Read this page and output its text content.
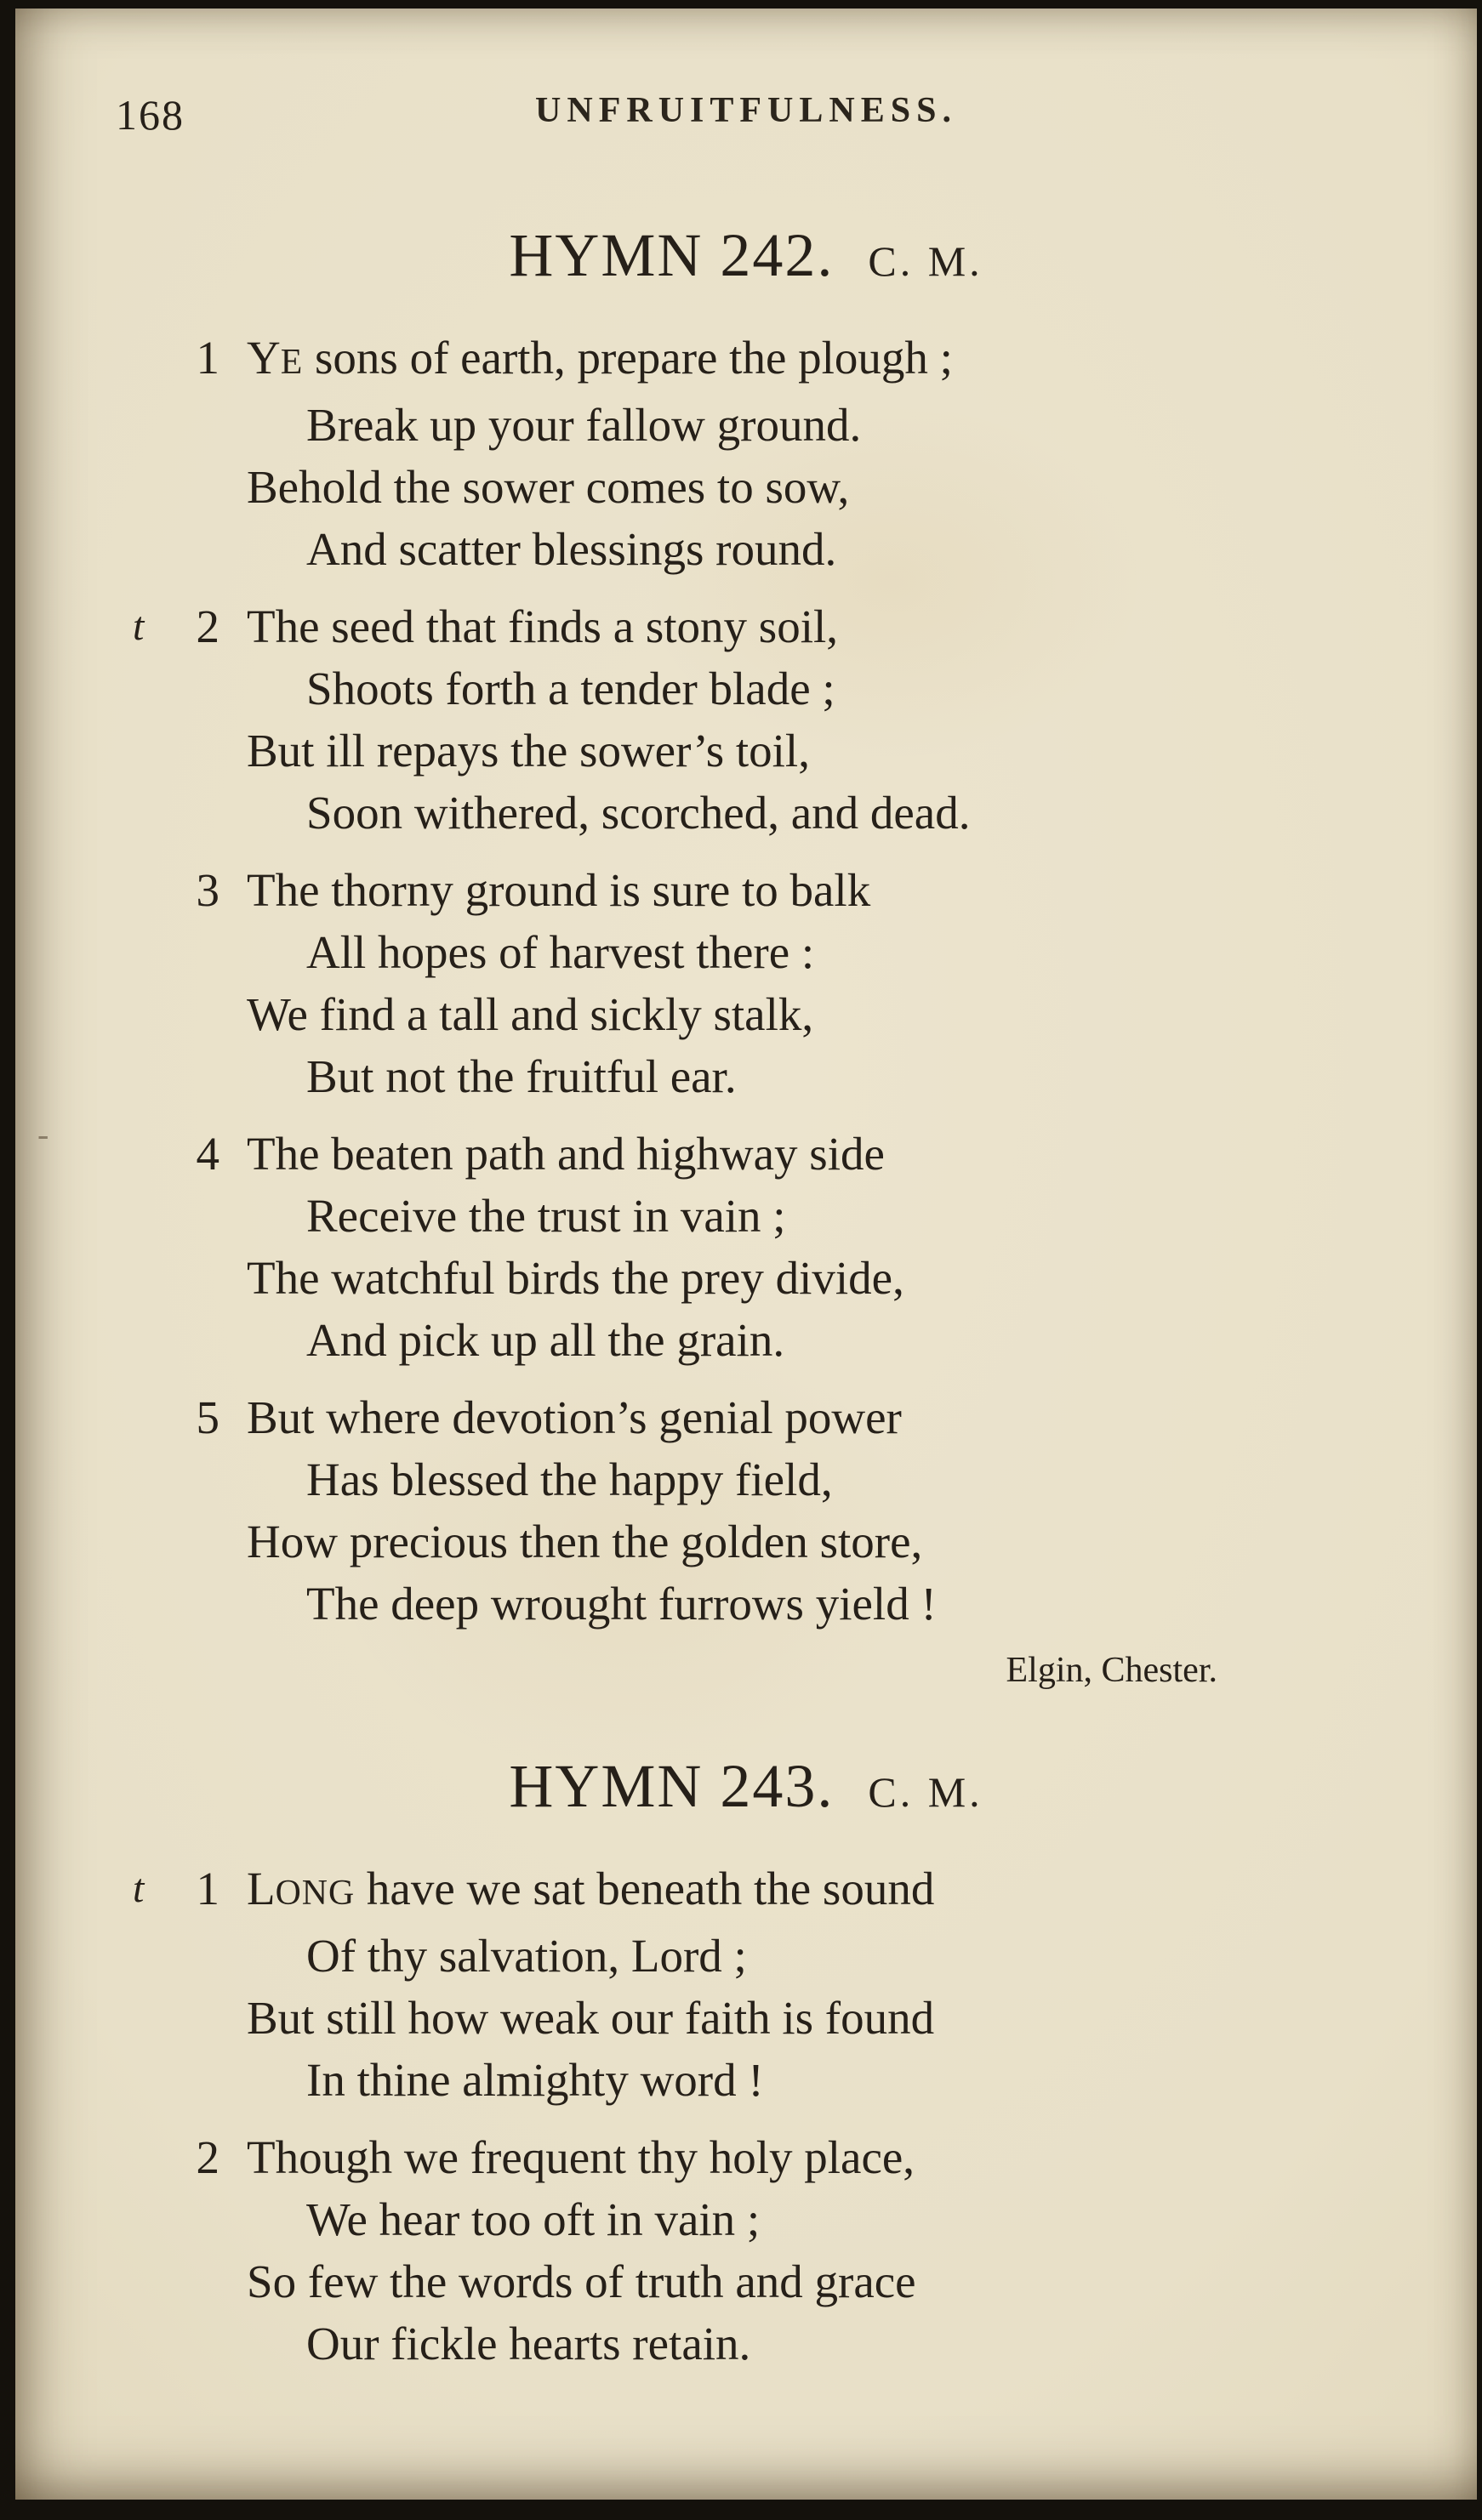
168	UNFRUITFULNESS.
HYMN 242. C. M.
1 YE sons of earth, prepare the plough ;
Break up your fallow ground.
Behold the sower comes to sow,
And scatter blessings round.
t	2 The seed that finds a stony soil,
Shoots forth a tender blade ;
But ill repays the sower’s toil,
Soon withered, scorched, and dead.
3 The thorny ground is sure to balk
All hopes of harvest there :
We find a tall and sickly stalk,
But not the fruitful ear.
4 The beaten path and highway side
Receive the trust in vain ;
The watchful birds the prey divide,
And pick up all the grain.
5 But where devotion’s genial power
Has blessed the happy field,
How precious then the golden store,
The deep wrought furrows yield !
Elgin, Chester.
HYMN 243. C. M.
t	1 LONG have we sat beneath the sound
Of thy salvation, Lord ;
But still how weak our faith is found
In thine almighty word !
2 Though we frequent thy holy place,
We hear too oft in vain ;
So few the words of truth and grace
Our fickle hearts retain.
-
